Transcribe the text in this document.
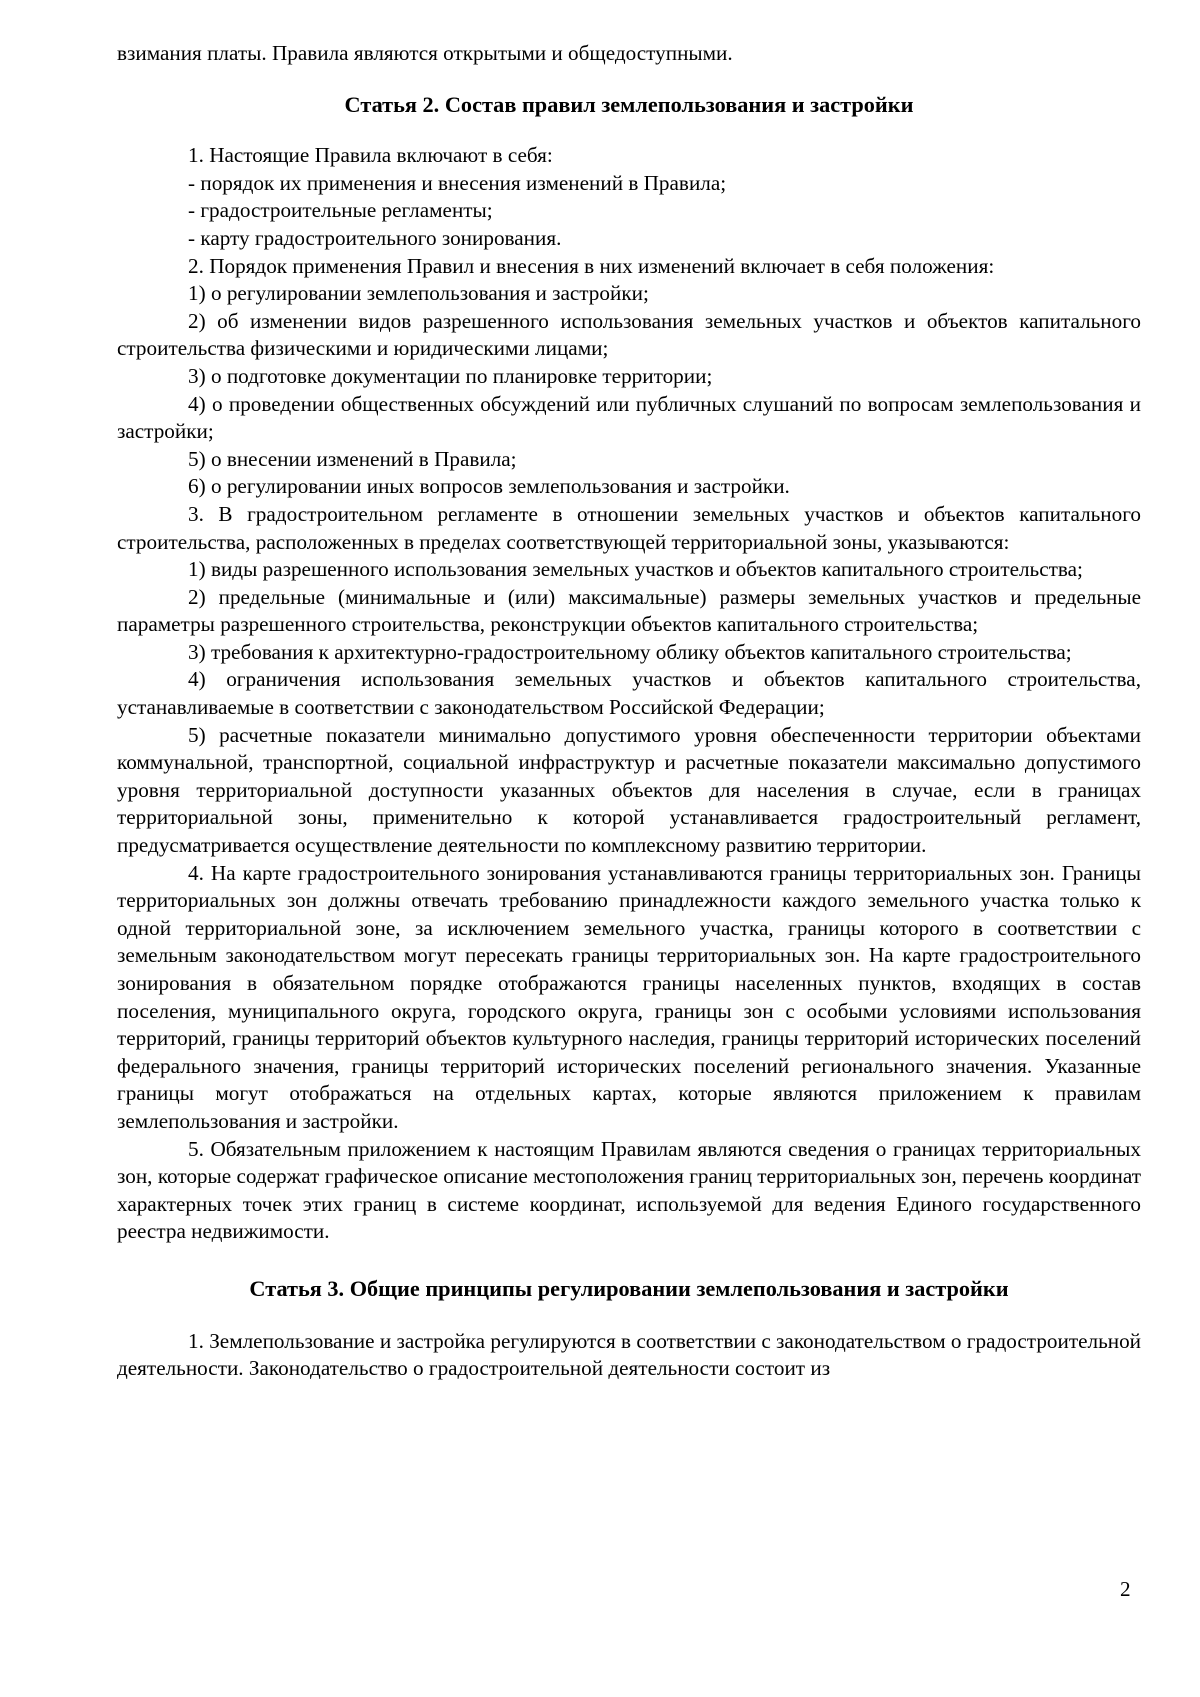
взимания платы. Правила являются открытыми и общедоступными.

Статья 2. Состав правил землепользования и застройки

1. Настоящие Правила включают в себя:

- порядок их применения и внесения изменений в Правила;

- градостроительные регламенты;

- карту градостроительного зонирования.

2. Порядок применения Правил и внесения в них изменений включает в себя положения:

1) о регулировании землепользования и застройки;

2) об изменении видов разрешенного использования земельных участков и объектов капитального строительства физическими и юридическими лицами;

3) о подготовке документации по планировке территории;

4) о проведении общественных обсуждений или публичных слушаний по вопросам землепользования и застройки;

5) о внесении изменений в Правила;

6) о регулировании иных вопросов землепользования и застройки.

3. В градостроительном регламенте в отношении земельных участков и объектов капитального строительства, расположенных в пределах соответствующей территориальной зоны, указываются:

1) виды разрешенного использования земельных участков и объектов капитального строительства;

2) предельные (минимальные и (или) максимальные) размеры земельных участков и предельные параметры разрешенного строительства, реконструкции объектов капитального строительства;

3) требования к архитектурно-градостроительному облику объектов капитального строительства;

4) ограничения использования земельных участков и объектов капитального строительства, устанавливаемые в соответствии с законодательством Российской Федерации;

5) расчетные показатели минимально допустимого уровня обеспеченности территории объектами коммунальной, транспортной, социальной инфраструктур и расчетные показатели максимально допустимого уровня территориальной доступности указанных объектов для населения в случае, если в границах территориальной зоны, применительно к которой устанавливается градостроительный регламент, предусматривается осуществление деятельности по комплексному развитию территории.

4. На карте градостроительного зонирования устанавливаются границы территориальных зон. Границы территориальных зон должны отвечать требованию принадлежности каждого земельного участка только к одной территориальной зоне, за исключением земельного участка, границы которого в соответствии с земельным законодательством могут пересекать границы территориальных зон. На карте градостроительного зонирования в обязательном порядке отображаются границы населенных пунктов, входящих в состав поселения, муниципального округа, городского округа, границы зон с особыми условиями использования территорий, границы территорий объектов культурного наследия, границы территорий исторических поселений федерального значения, границы территорий исторических поселений регионального значения. Указанные границы могут отображаться на отдельных картах, которые являются приложением к правилам землепользования и застройки.

5. Обязательным приложением к настоящим Правилам являются сведения о границах территориальных зон, которые содержат графическое описание местоположения границ территориальных зон, перечень координат характерных точек этих границ в системе координат, используемой для ведения Единого государственного реестра недвижимости.

Статья 3. Общие принципы регулировании землепользования и застройки

1. Землепользование и застройка регулируются в соответствии с законодательством о градостроительной деятельности. Законодательство о градостроительной деятельности состоит из

2
